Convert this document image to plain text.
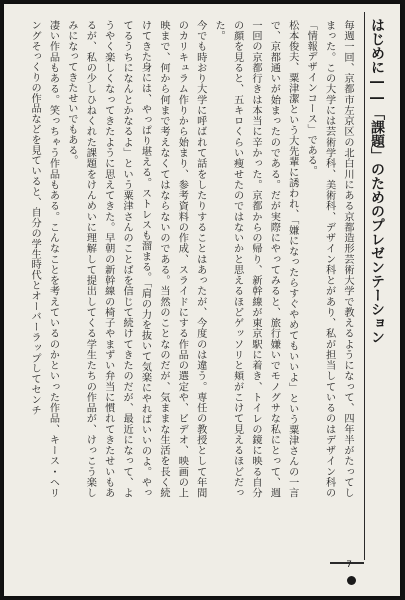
はじめに――「課題」のためのプレゼンテーション

毎週一回、京都市左京区の北白川にある京都造形芸術大学で教えるようになって、四年半がたってしまった。この大学には芸術学科、美術科、デザイン科とがあり、私が担当しているのはデザイン科の「情報デザインコース」である。

松本俊夫、粟津潔という大先輩に誘われ、「嫌になったらすぐやめてもいいよ」という粟津さんの一言で、京都通いが始まったのである。だが実際にやってみると、旅行嫌いでモノグサな私にとって、週一回の京都行きは本当に辛かった。京都からの帰り、新幹線が東京駅に着き、トイレの鏡に映る自分の顔を見ると、五キロくらい痩せたのではないかと思えるほどゲッソリと頬がこけて見えるほどだった。

今でも時おり大学に呼ばれて話をしたりすることはあったが、今度のは違う。専任の教授として年間のカリキュラム作りから始まり、参考資料の作成、スライドにする作品の選定や、ビデオ、映画の上映まで、何から何まで考えなくてはならないのである。当然のことなのだが、気ままな生活を長く続けてきた身には、やっぱり堪える。ストレスも溜まる。「肩の力を抜いて気楽にやればいいのよ。やってるうちになんとかなるよ」という粟津さんのことばを信じて続けてきたのだが、最近になって、ようやく楽しくなってきたように思えてきた。早朝の新幹線の椅子やまずい弁当に慣れてきたせいもあるが、私の少しひねくれた課題をけんめいに理解して提出してくる学生たちの作品が、けっこう楽しみになってきたせいでもある。

凄い作品もある。笑っちゃう作品もある。こんなことを考えているのかといった作品、キース・ヘリングそっくりの作品などを見ていると、自分の学生時代とオーバーラップしてセンチ

7
